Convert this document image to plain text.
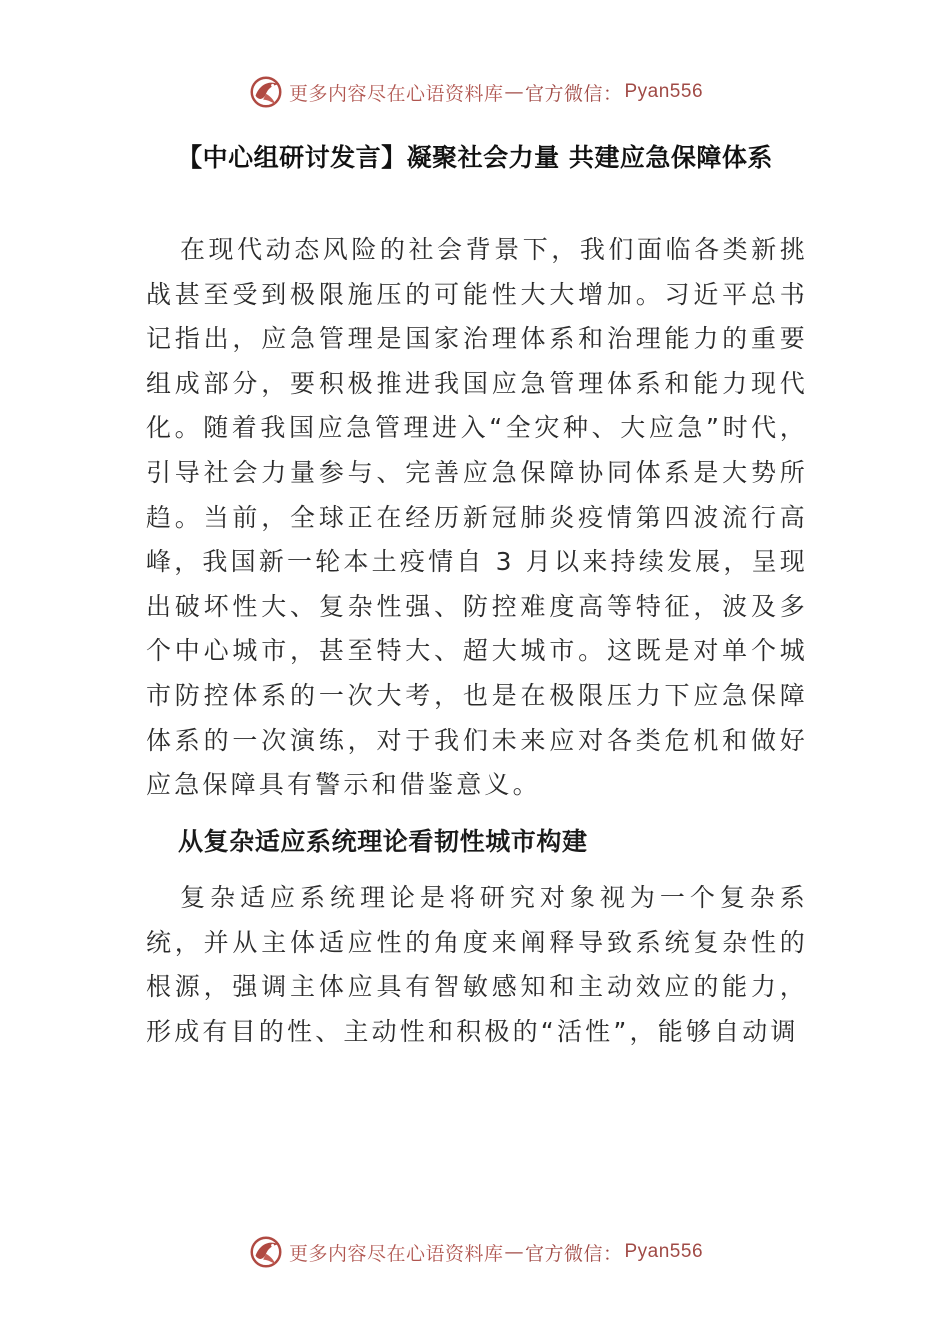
更多内容尽在心语资料库 — 官方微信： Pyan556
【中心组研讨发言】凝聚社会力量 共建应急保障体系

在现代动态风险的社会背景下，我们面临各类新挑战甚至受到极限施压的可能性大大增加。习近平总书记指出，应急管理是国家治理体系和治理能力的重要组成部分，要积极推进我国应急管理体系和能力现代化。随着我国应急管理进入“全灾种、大应急”时代，引导社会力量参与、完善应急保障协同体系是大势所趋。当前，全球正在经历新冠肺炎疫情第四波流行高峰，我国新一轮本土疫情自 3 月以来持续发展，呈现出破坏性大、复杂性强、防控难度高等特征，波及多个中心城市，甚至特大、超大城市。这既是对单个城市防控体系的一次大考，也是在极限压力下应急保障体系的一次演练，对于我们未来应对各类危机和做好应急保障具有警示和借鉴意义。

从复杂适应系统理论看韧性城市构建

复杂适应系统理论是将研究对象视为一个复杂系统，并从主体适应性的角度来阐释导致系统复杂性的根源，强调主体应具有智敏感知和主动效应的能力，形成有目的性、主动性和积极的“活性”，能够自动调

更多内容尽在心语资料库 — 官方微信： Pyan556
